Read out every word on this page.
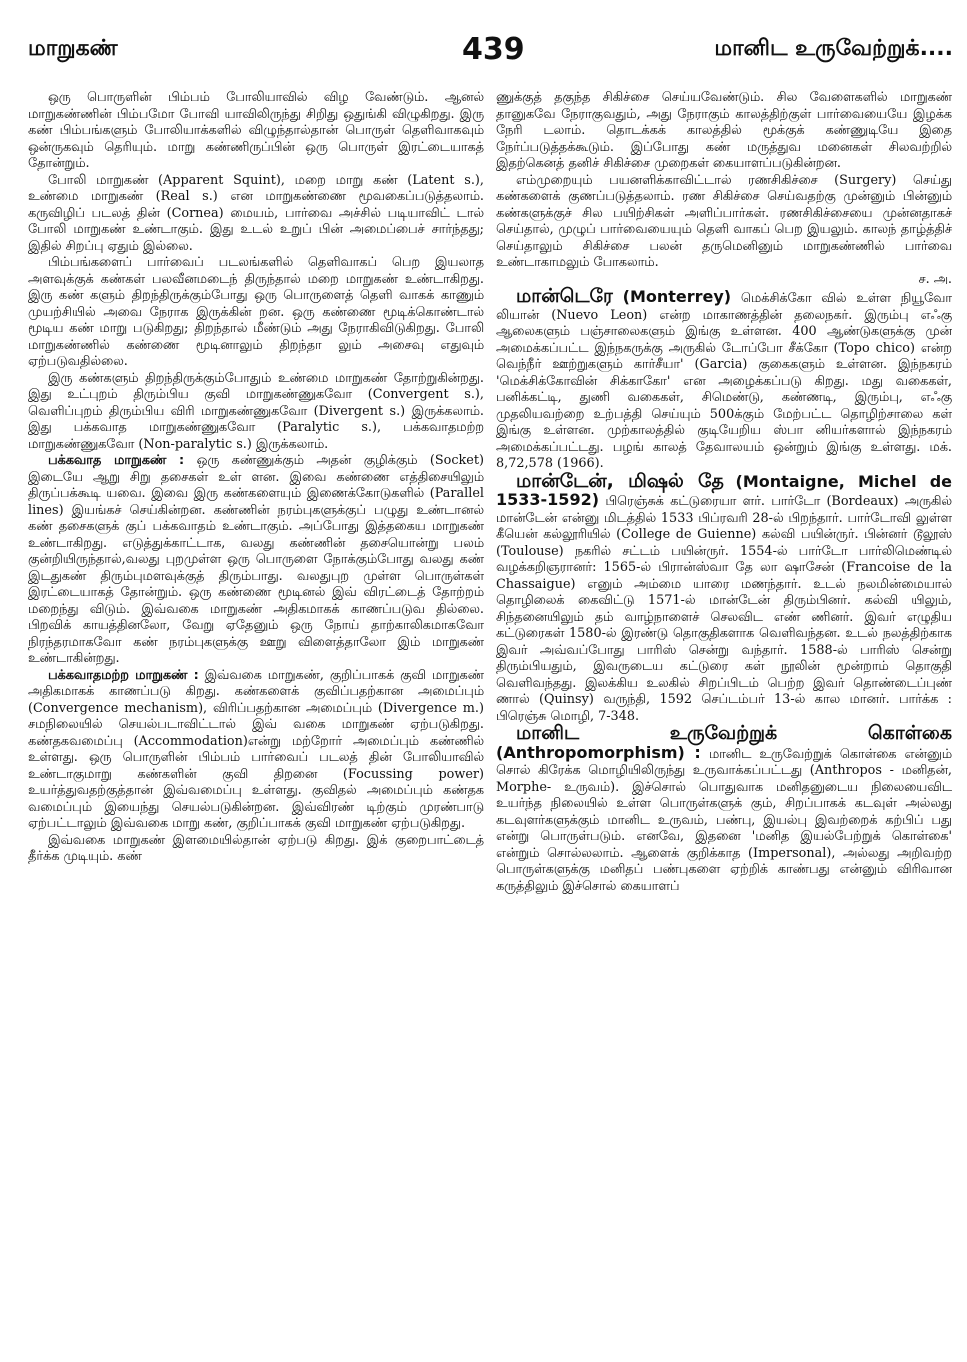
மாறுகண்	439	மானிட உருவேற்றுக்....

ஒரு பொருளின் பிம்பம் போலியாவில் விழ வேண்டும். ஆனல் மாறுகண்ணின் பிம்பமோ போவி யாவிலிருந்து சிறிது ஒதுங்கி விழுகிறது. இரு கண் பிம்பங்களும் போலியாக்களில் விழுந்தால்தான் பொருள் தெளிவாகவும் ஒன்ருகவும் தெரியும். மாறு கண்ணிருப்பின் ஒரு பொருள் இரட்டையாகத் தோன்றும்.

போலி மாறுகண் (Apparent Squint), மறை மாறு கண் (Latent s.), உண்மை மாறுகண் (Real s.) என மாறுகண்ணை மூவகைப்படுத்தலாம். கருவிழிப் படலத் தின் (Cornea) மையம், பார்வை அச்சில் படியாவிட் டால் போலி மாறுகண் உண்டாகும். இது உடல் உறுப் பின் அமைப்பைச் சார்ந்தது; இதில் சிறப்பு ஏதும் இல்லை.

பிம்பங்களைப் பார்வைப் படலங்களில் தெளிவாகப் பெற இயலாத அளவுக்குக் கண்கள் பலவீனமடைந் திருந்தால் மறை மாறுகண் உண்டாகிறது. இரு கண் களும் திறந்திருக்கும்போது ஒரு பொருளைத் தெளி வாகக் காணும் முயற்சியில் அவை நேராக இருக்கின் றன. ஒரு கண்ணை மூடிக்கொண்டால் மூடிய கண் மாறு படுகிறது; திறந்தால் மீண்டும் அது நேராகிவிடுகிறது. போலி மாறுகண்ணில் கண்ணை மூடினாலும் திறந்தா லும் அசைவு எதுவும் ஏற்படுவதில்லை.

இரு கண்களும் திறந்திருக்கும்போதும் உண்மை மாறுகண் தோற்றுகின்றது. இது உட்புறம் திரும்பிய குவி மாறுகண்ணுகவோ (Convergent s.), வெளிப்புறம் திரும்பிய விரி மாறுகண்ணுகவோ (Divergent s.) இருக்கலாம். இது பக்கவாத மாறுகண்ணுகவோ (Paralytic s.), பக்கவாதமற்ற மாறுகண்ணுகவோ (Non-paralytic s.) இருக்கலாம்.

பக்கவாத மாறுகண் : ஒரு கண்ணுக்கும் அதன் குழிக்கும் (Socket) இடையே ஆறு சிறு தசைகள் உள் ளன. இவை கண்ணை எத்திசையிலும் திருப்பக்கூடி யவை. இவை இரு கண்களையும் இணைக்கோடுகளில் (Parallel lines) இயங்கச் செய்கின்றன. கண்ணின் நரம்புகளுக்குப் பழுது உண்டானல் கண் தசைகளுக் குப் பக்கவாதம் உண்டாகும். அப்போது இத்தகைய மாறுகண் உண்டாகிறது. எடுத்துக்காட்டாக, வலது கண்ணின் தசையொன்று பலம் குன்றியிருந்தால்,வலது புறமுள்ள ஒரு பொருளை நோக்கும்போது வலது கண் இடதுகண் திரும்புமளவுக்குத் திரும்பாது. வலதுபுற முள்ள பொருள்கள் இரட்டையாகத் தோன்றும். ஒரு கண்ணை மூடினல் இவ் விரட்டைத் தோற்றம் மறைந்து விடும். இவ்வகை மாறுகண் அதிகமாகக் காணப்படுவ தில்லை. பிறவிக் காயத்தினலோ, வேறு ஏதேனும் ஒரு நோய் தாற்காலிகமாகவோ நிரந்தரமாகவோ கண் நரம்புகளுக்கு ஊறு விளைத்தாலோ இம் மாறுகண் உண்டாகின்றது.

பக்கவாதமற்ற மாறுகண் : இவ்வகை மாறுகண், குறிப்பாகக் குவி மாறுகண் அதிகமாகக் காணப்படு கிறது. கண்களைக் குவிப்பதற்கான அமைப்பும் (Convergence mechanism), விரிப்பதற்கான அமைப்பும் (Divergence m.) சமநிலையில் செயல்படாவிட்டால் இவ் வகை மாறுகண் ஏற்படுகிறது. கண்தகவமைப்பு (Accommodation)என்று மற்றோர் அமைப்பும் கண்ணில் உள்ளது. ஒரு பொருளின் பிம்பம் பார்வைப் படலத் தின் போலியாவில் உண்டாகுமாறு கண்களின் குவி திறனை (Focussing power) உயர்த்துவதற்குத்தான் இவ்வமைப்பு உள்ளது. குவிதல் அமைப்பும் கண்தக வமைப்பும் இயைந்து செயல்படுகின்றன. இவ்விரண் டிற்கும் முரண்பாடு ஏற்பட்டாலும் இவ்வகை மாறு கண், குறிப்பாகக் குவி மாறுகண் ஏற்படுகிறது.

இவ்வகை மாறுகண் இளமையில்தான் ஏற்படு கிறது. இக் குறைபாட்டைத் தீர்க்க முடியும். கண்

ணுக்குத் தகுந்த சிகிச்சை செய்யவேண்டும். சில வேளைகளில் மாறுகண் தானுகவே நேராகுவதும், அது நேராகும் காலத்திற்குள் பார்வையையே இழக்க நேரி டலாம். தொடக்கக் காலத்தில் மூக்குக் கண்ணுடியே இதை நேர்ப்படுத்தக்கூடும். இப்போது கண் மருத்துவ மனைகள் சிலவற்றில் இதற்கெனத் தனிச் சிகிச்சை முறைகள் கையாளப்படுகின்றன.

எம்முறையும் பயனளிக்காவிட்டால் ரணசிகிச்சை (Surgery) செய்து கண்களைக் குணப்படுத்தலாம். ரண சிகிச்சை செய்வதற்கு முன்னும் பின்னும் கண்களுக்குச் சில பயிற்சிகள் அளிப்பார்கள். ரணசிகிச்சையை முன்னதாகச் செய்தால், முழுப் பார்வையையும் தெளி வாகப் பெற இயலும். காலந் தாழ்த்திச் செய்தாலும் சிகிச்சை பலன் தருமெனினும் மாறுகண்ணில் பார்வை உண்டாகாமலும் போகலாம்.

ச. அ.

மான்டெரே (Monterrey) மெக்சிக்கோ வில் உள்ள நியூவோ லியான் (Nuevo Leon) என்ற மாகாணத்தின் தலைநகர். இரும்பு எஃகு ஆலைகளும் பஞ்சாலைகளும் இங்கு உள்ளன. 400 ஆண்டுகளுக்கு முன் அமைக்கப்பட்ட இந்நகருக்கு அருகில் டோப்போ சீக்கோ (Topo chico) என்ற வெந்நீர் ஊற்றுகளும் கார்சீயா' (Garcia) குகைகளும் உள்ளன. இந்நகரம் 'மெக்சிக்கோவின் சிக்காகோ' என அழைக்கப்படு கிறது. மது வகைகள், பனிக்கட்டி, துணி வகைகள், சிமெண்டு, கண்ணடி, இரும்பு, எஃகு முதலியவற்றை உற்பத்தி செய்யும் 500க்கும் மேற்பட்ட தொழிற்சாலை கள் இங்கு உள்ளன. முற்காலத்தில் குடியேறிய ஸ்பா னியர்களால் இந்நகரம் அமைக்கப்பட்டது. பழங் காலத் தேவாலயம் ஒன்றும் இங்கு உள்ளது. மக். 8,72,578 (1966).

மான்டேன், மிஷல் தே (Montaigne, Michel de 1533-1592) பிரெஞ்சுக் கட்டுரையா ளர். பார்டோ (Bordeaux) அருகில் மான்டேன் என்னு மிடத்தில் 1533 பிப்ரவரி 28-ல் பிறந்தார். பார்டோவி லுள்ள கீயென் கல்லூரியில் (College de Guienne) கல்வி பயின்ருர். பின்னர் டூலூஸ் (Toulouse) நகரில் சட்டம் பயின்ருர். 1554-ல் பார்டோ பார்லிமெண்டில் வழக்கறிஞரானர்: 1565-ல் பிரான்ஸ்வா தே லா ஷாசேன் (Francoise de la Chassaigue) எனும் அம்மை யாரை மணந்தார். உடல் நலமின்மையால் தொழிலைக் கைவிட்டு 1571-ல் மான்டேன் திரும்பினர். கல்வி யிலும், சிந்தனையிலும் தம் வாழ்நாளைச் செலவிட எண் ணினர். இவர் எழுதிய கட்டுரைகள் 1580-ல் இரண்டு தொகுதிகளாக வெளிவந்தன. உடல் நலத்திற்காக இவர் அவ்வப்போது பாரிஸ் சென்று வந்தார். 1588-ல் பாரிஸ் சென்று திரும்பியதும், இவருடைய கட்டுரை கள் நூலின் மூன்றாம் தொகுதி வெளிவந்தது. இலக்கிய உலகில் சிறப்பிடம் பெற்ற இவர் தொண்டைப்புண் ணால் (Quinsy) வருந்தி, 1592 செப்டம்பர் 13-ல் கால மானர். பார்க்க : பிரெஞ்சு மொழி, 7-348.

மானிட உருவேற்றுக் கொள்கை (Anthropomorphism) : மானிட உருவேற்றுக் கொள்கை என்னும் சொல் கிரேக்க மொழியிலிருந்து உருவாக்கப்பட்டது (Anthropos - மனிதன், Morphe- உருவம்). இச்சொல் பொதுவாக மனிதனுடைய நிலையைவிட உயர்ந்த நிலையில் உள்ள பொருள்களுக் கும், சிறப்பாகக் கடவுள் அல்லது கடவுளர்களுக்கும் மானிட உருவம், பண்பு, இயல்பு இவற்றைக் கற்பிப் பது என்று பொருள்படும். எனவே, இதனை 'மனித இயல்பேற்றுக் கொள்கை' என்றும் சொல்லலாம். ஆளைக் குறிக்காத (Impersonal), அல்லது அறிவற்ற பொருள்களுக்கு மனிதப் பண்புகளை ஏற்றிக் காண்பது என்னும் விரிவான கருத்திலும் இச்சொல் கையாளப்
